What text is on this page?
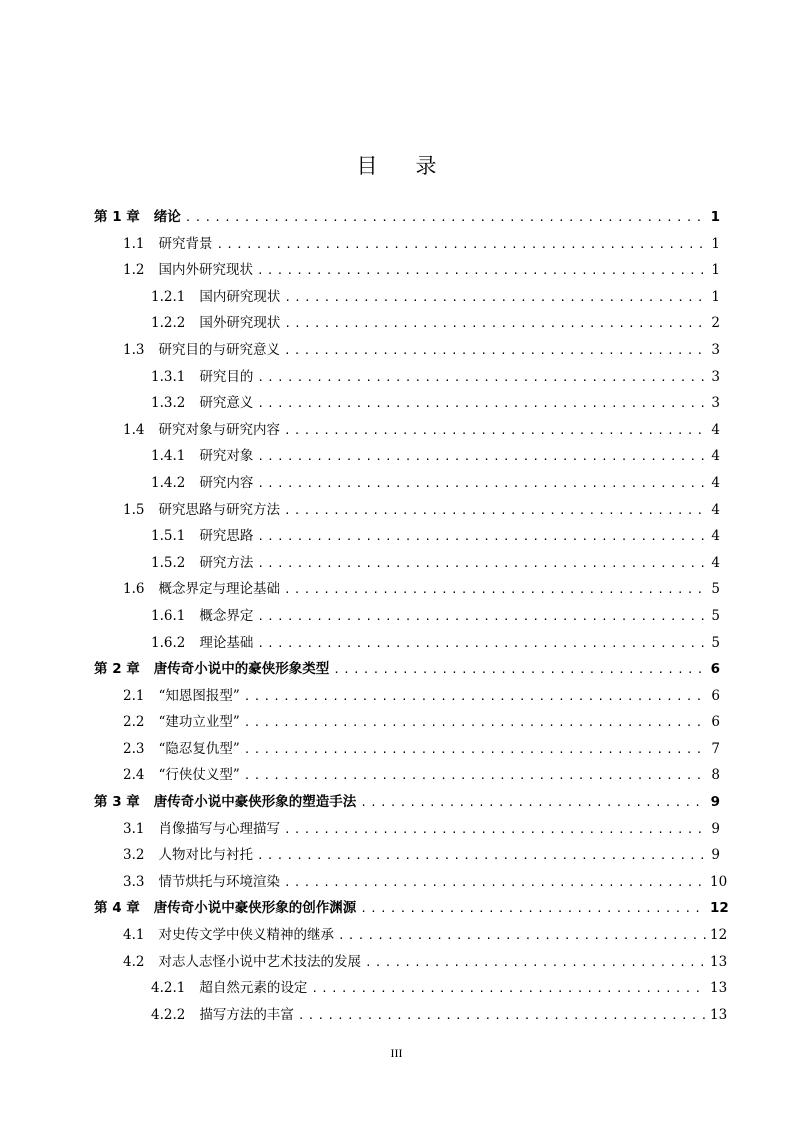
目 录
第 1 章 绪论 .....	1
1.1 研究背景 .....	1
1.2 国内外研究现状 .....	1
1.2.1 国内研究现状 .....	1
1.2.2 国外研究现状 .....	2
1.3 研究目的与研究意义 .....	3
1.3.1 研究目的 .....	3
1.3.2 研究意义 .....	3
1.4 研究对象与研究内容 .....	4
1.4.1 研究对象 .....	4
1.4.2 研究内容 .....	4
1.5 研究思路与研究方法 .....	4
1.5.1 研究思路 .....	4
1.5.2 研究方法 .....	4
1.6 概念界定与理论基础 .....	5
1.6.1 概念界定 .....	5
1.6.2 理论基础 .....	5
第 2 章 唐传奇小说中的豪侠形象类型 .....	6
2.1 “知恩图报型” .....	6
2.2 “建功立业型” .....	6
2.3 “隐忍复仇型” .....	7
2.4 “行侠仗义型” .....	8
第 3 章 唐传奇小说中豪侠形象的塑造手法 .....	9
3.1 肖像描写与心理描写 .....	9
3.2 人物对比与衬托 .....	9
3.3 情节烘托与环境渲染 .....	10
第 4 章 唐传奇小说中豪侠形象的创作渊源 .....	12
4.1 对史传文学中侠义精神的继承 .....	12
4.2 对志人志怪小说中艺术技法的发展 .....	13
4.2.1 超自然元素的设定 .....	13
4.2.2 描写方法的丰富 .....	13
III
